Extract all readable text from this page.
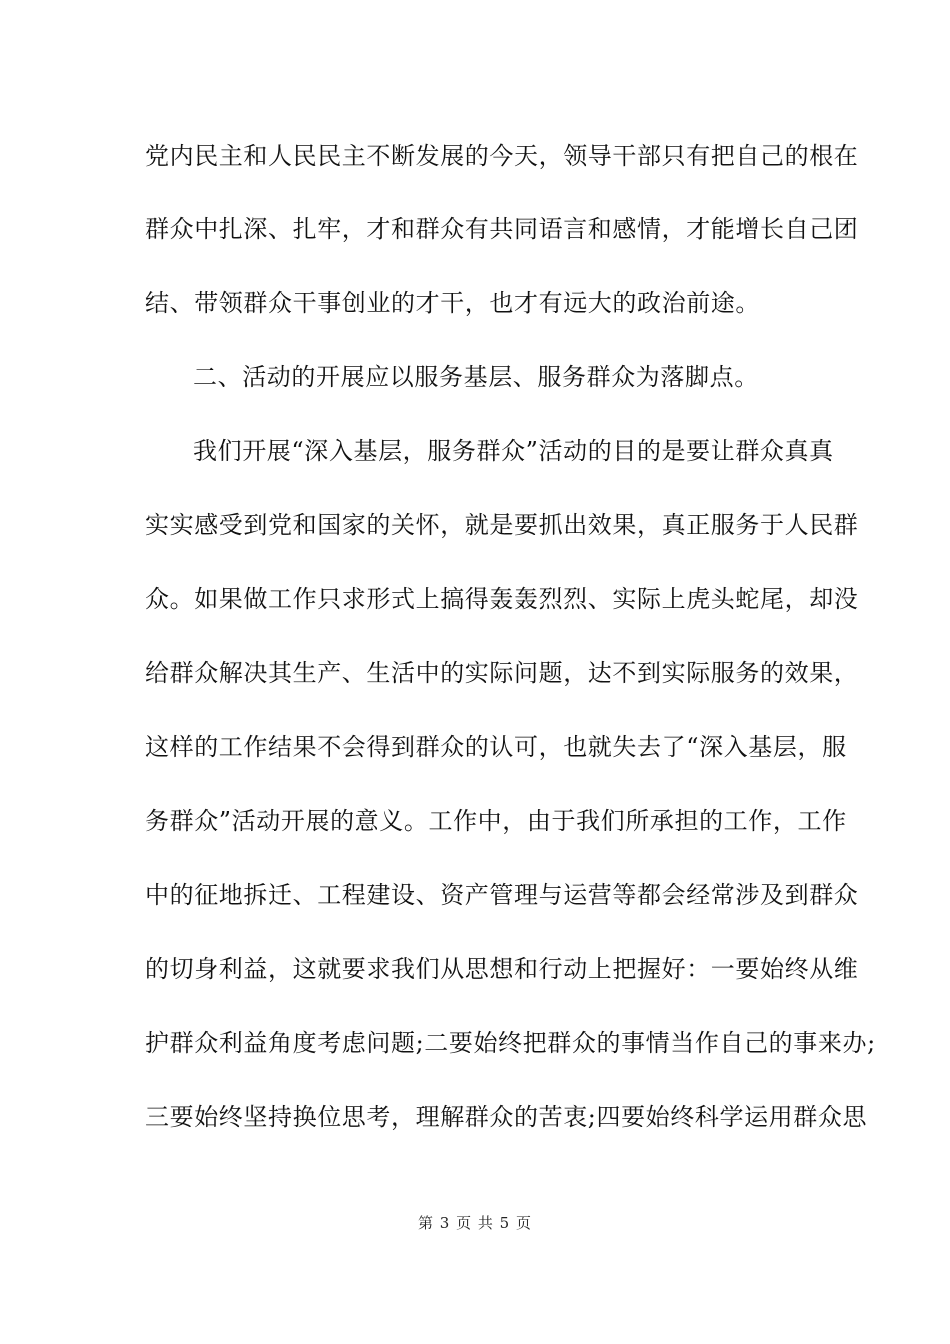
党内民主和人民民主不断发展的今天，领导干部只有把自己的根在
群众中扎深、扎牢，才和群众有共同语言和感情，才能增长自己团
结、带领群众干事创业的才干，也才有远大的政治前途。
二、活动的开展应以服务基层、服务群众为落脚点。
我们开展“深入基层，服务群众”活动的目的是要让群众真真
实实感受到党和国家的关怀，就是要抓出效果，真正服务于人民群
众。如果做工作只求形式上搞得轰轰烈烈、实际上虎头蛇尾，却没
给群众解决其生产、生活中的实际问题，达不到实际服务的效果，
这样的工作结果不会得到群众的认可，也就失去了“深入基层，服
务群众”活动开展的意义。工作中，由于我们所承担的工作，工作
中的征地拆迁、工程建设、资产管理与运营等都会经常涉及到群众
的切身利益，这就要求我们从思想和行动上把握好：一要始终从维
护群众利益角度考虑问题;二要始终把群众的事情当作自己的事来办;
三要始终坚持换位思考，理解群众的苦衷;四要始终科学运用群众思
第 3 页 共 5 页
